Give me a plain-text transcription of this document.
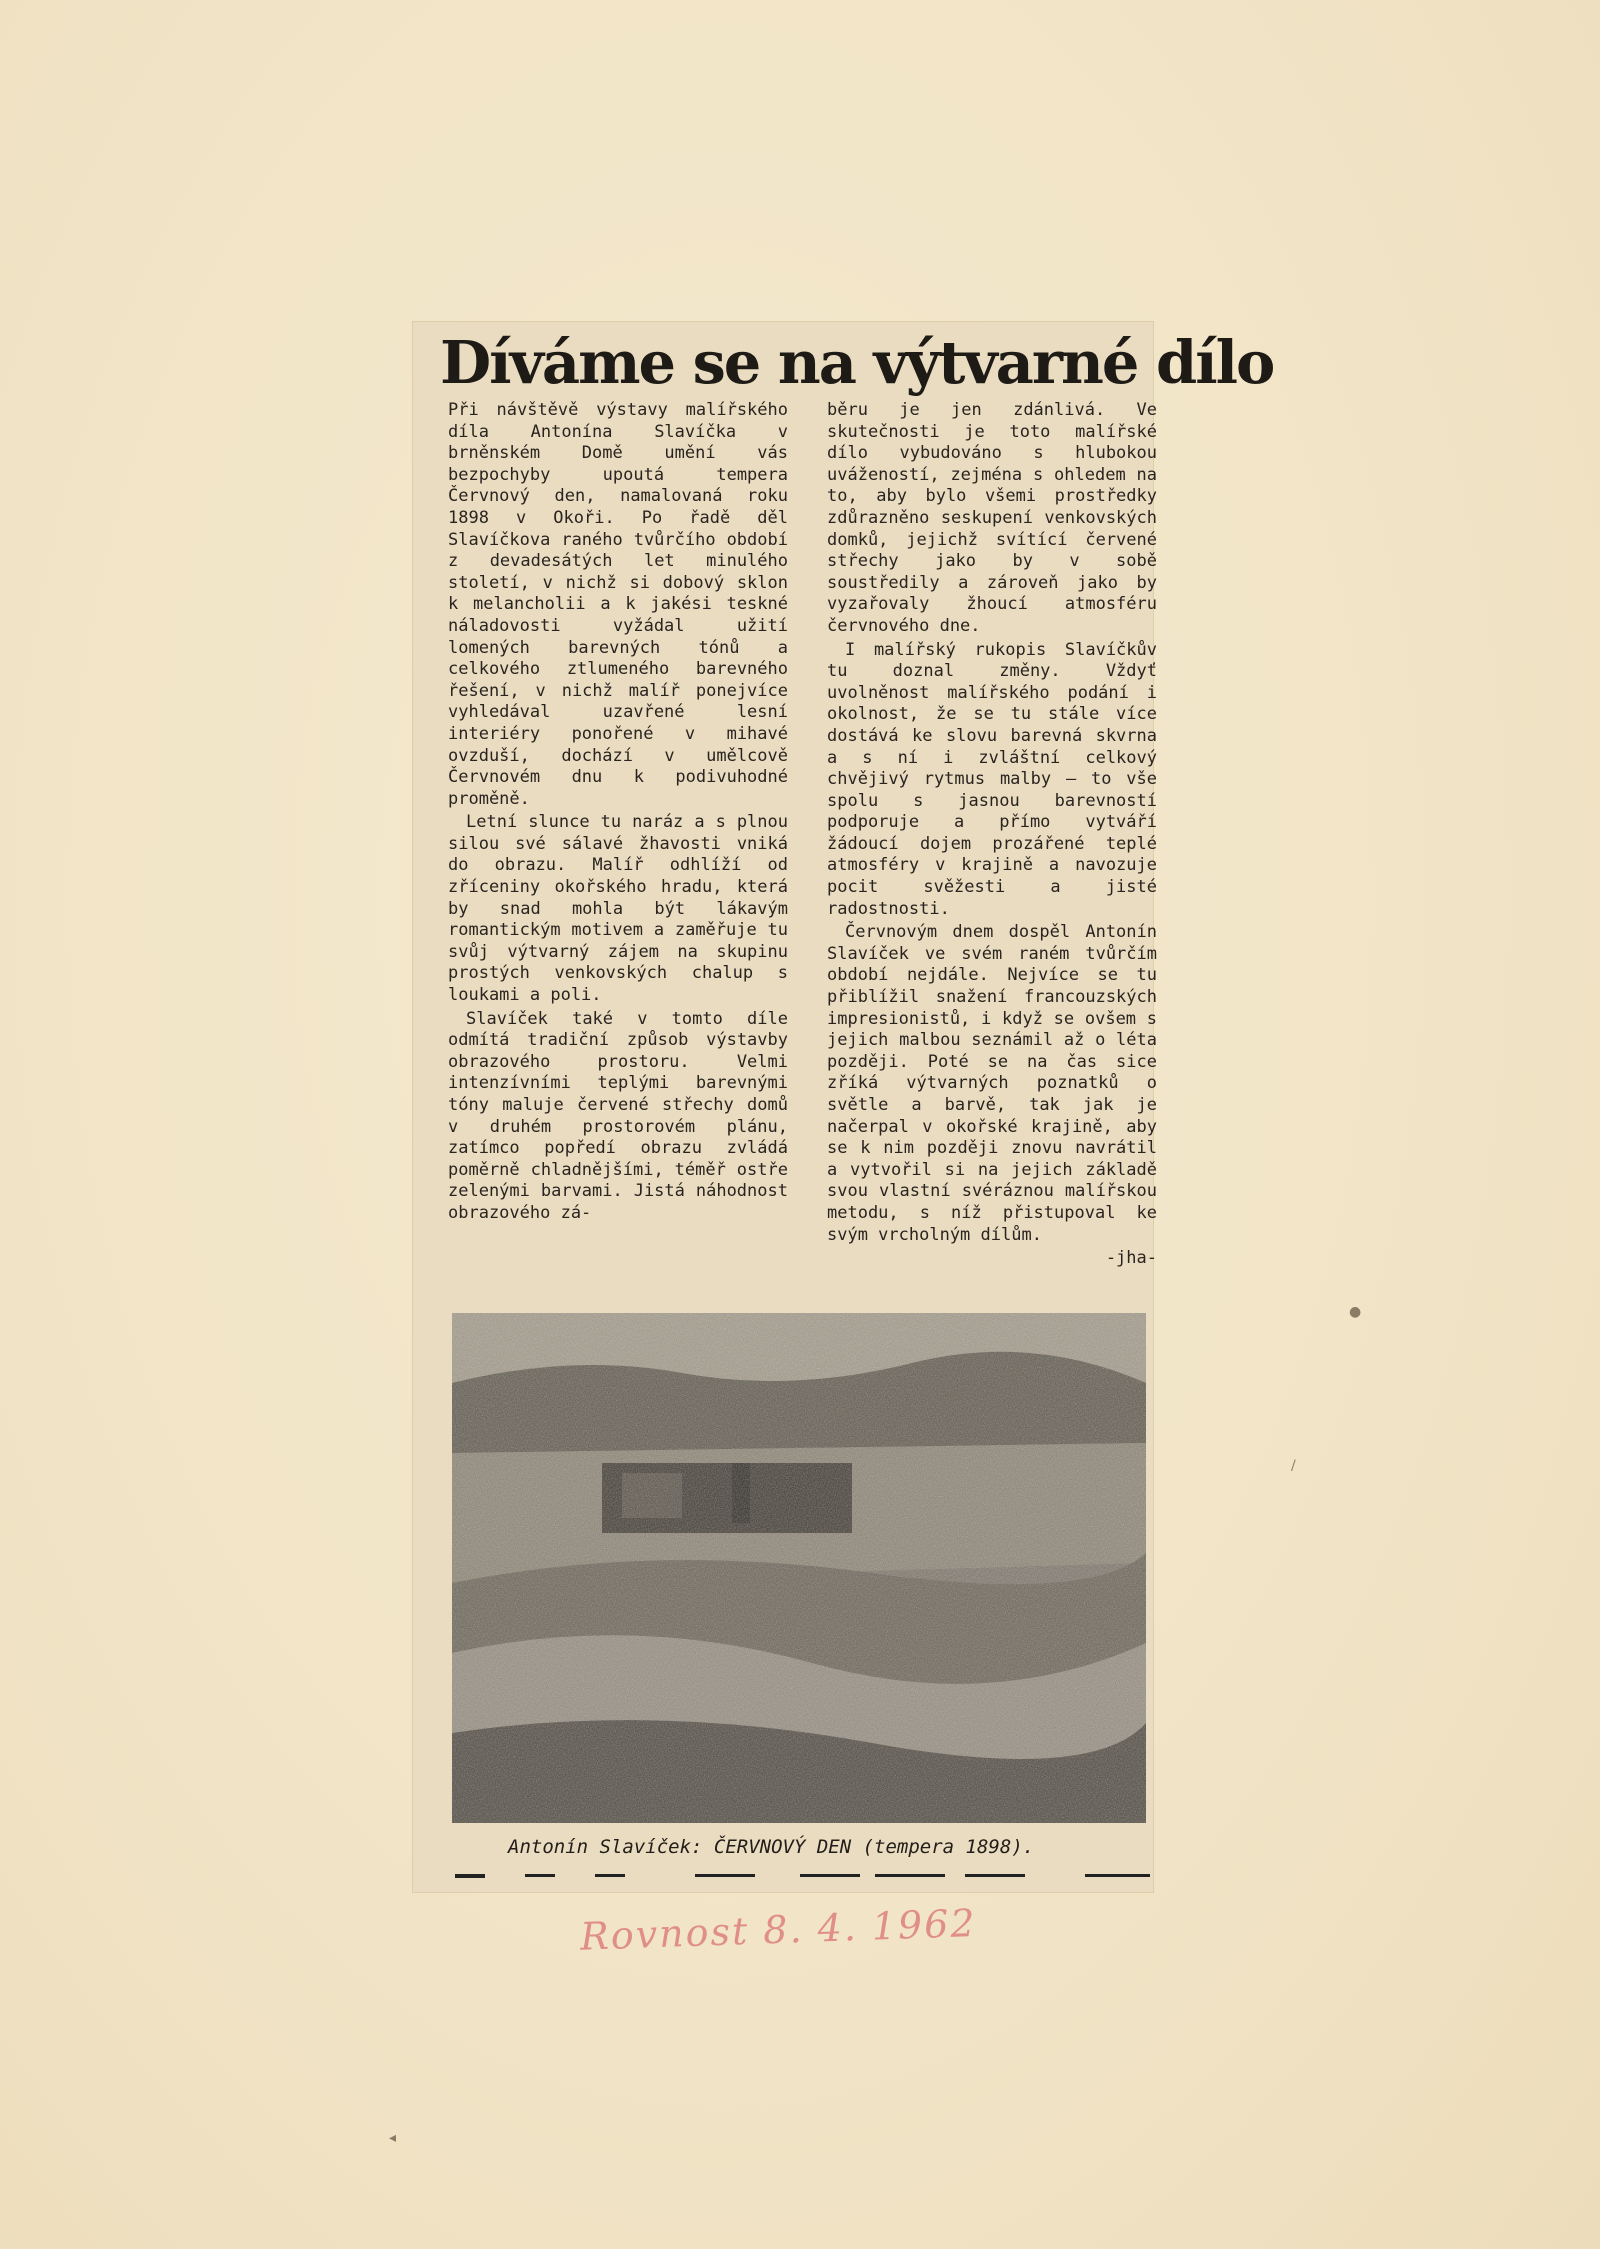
Díváme se na výtvarné dílo

Při návštěvě výstavy malířského díla Antonína Slavíčka v brněnském Domě umění vás bezpochyby upoutá tempera Červnový den, namalovaná roku 1898 v Okoři. Po řadě děl Slavíčkova raného tvůrčího období z devadesátých let minulého století, v nichž si dobový sklon k melancholii a k jakési teskné náladovosti vyžádal užití lomených barevných tónů a celkového ztlumeného barevného řešení, v nichž malíř ponejvíce vyhledával uzavřené lesní interiéry ponořené v mihavé ovzduší, dochází v umělcově Červnovém dnu k podivuhodné proměně.

Letní slunce tu naráz a s plnou silou své sálavé žhavosti vniká do obrazu. Malíř odhlíží od zříceniny okořského hradu, která by snad mohla být lákavým romantickým motivem a zaměřuje tu svůj výtvarný zájem na skupinu prostých venkovských chalup s loukami a poli.

Slavíček také v tomto díle odmítá tradiční způsob výstavby obrazového prostoru. Velmi intenzívními teplými barevnými tóny maluje červené střechy domů v druhém prostorovém plánu, zatímco popředí obrazu zvládá poměrně chladnějšími, téměř ostře zelenými barvami. Jistá náhodnost obrazového zá-

běru je jen zdánlivá. Ve skutečnosti je toto malířské dílo vybudováno s hlubokou uvážeností, zejména s ohledem na to, aby bylo všemi prostředky zdůrazněno seskupení venkovských domků, jejichž svítící červené střechy jako by v sobě soustředily a zároveň jako by vyzařovaly žhoucí atmosféru červnového dne.

I malířský rukopis Slavíčkův tu doznal změny. Vždyť uvolněnost malířského podání i okolnost, že se tu stále více dostává ke slovu barevná skvrna a s ní i zvláštní celkový chvějivý rytmus malby — to vše spolu s jasnou barevností podporuje a přímo vytváří žádoucí dojem prozářené teplé atmosféry v krajině a navozuje pocit svěžesti a jisté radostnosti.

Červnovým dnem dospěl Antonín Slavíček ve svém raném tvůrčím období nejdále. Nejvíce se tu přiblížil snažení francouzských impresionistů, i když se ovšem s jejich malbou seznámil až o léta později. Poté se na čas sice zříká výtvarných poznatků o světle a barvě, tak jak je načerpal v okořské krajině, aby se k nim později znovu navrátil a vytvořil si na jejich základě svou vlastní svéráznou malířskou metodu, s níž přistupoval ke svým vrcholným dílům.

-jha-
Antonín Slavíček: ČERVNOVÝ DEN (tempera 1898).
Rovnost 8. 4. 1962
●
/
◂
